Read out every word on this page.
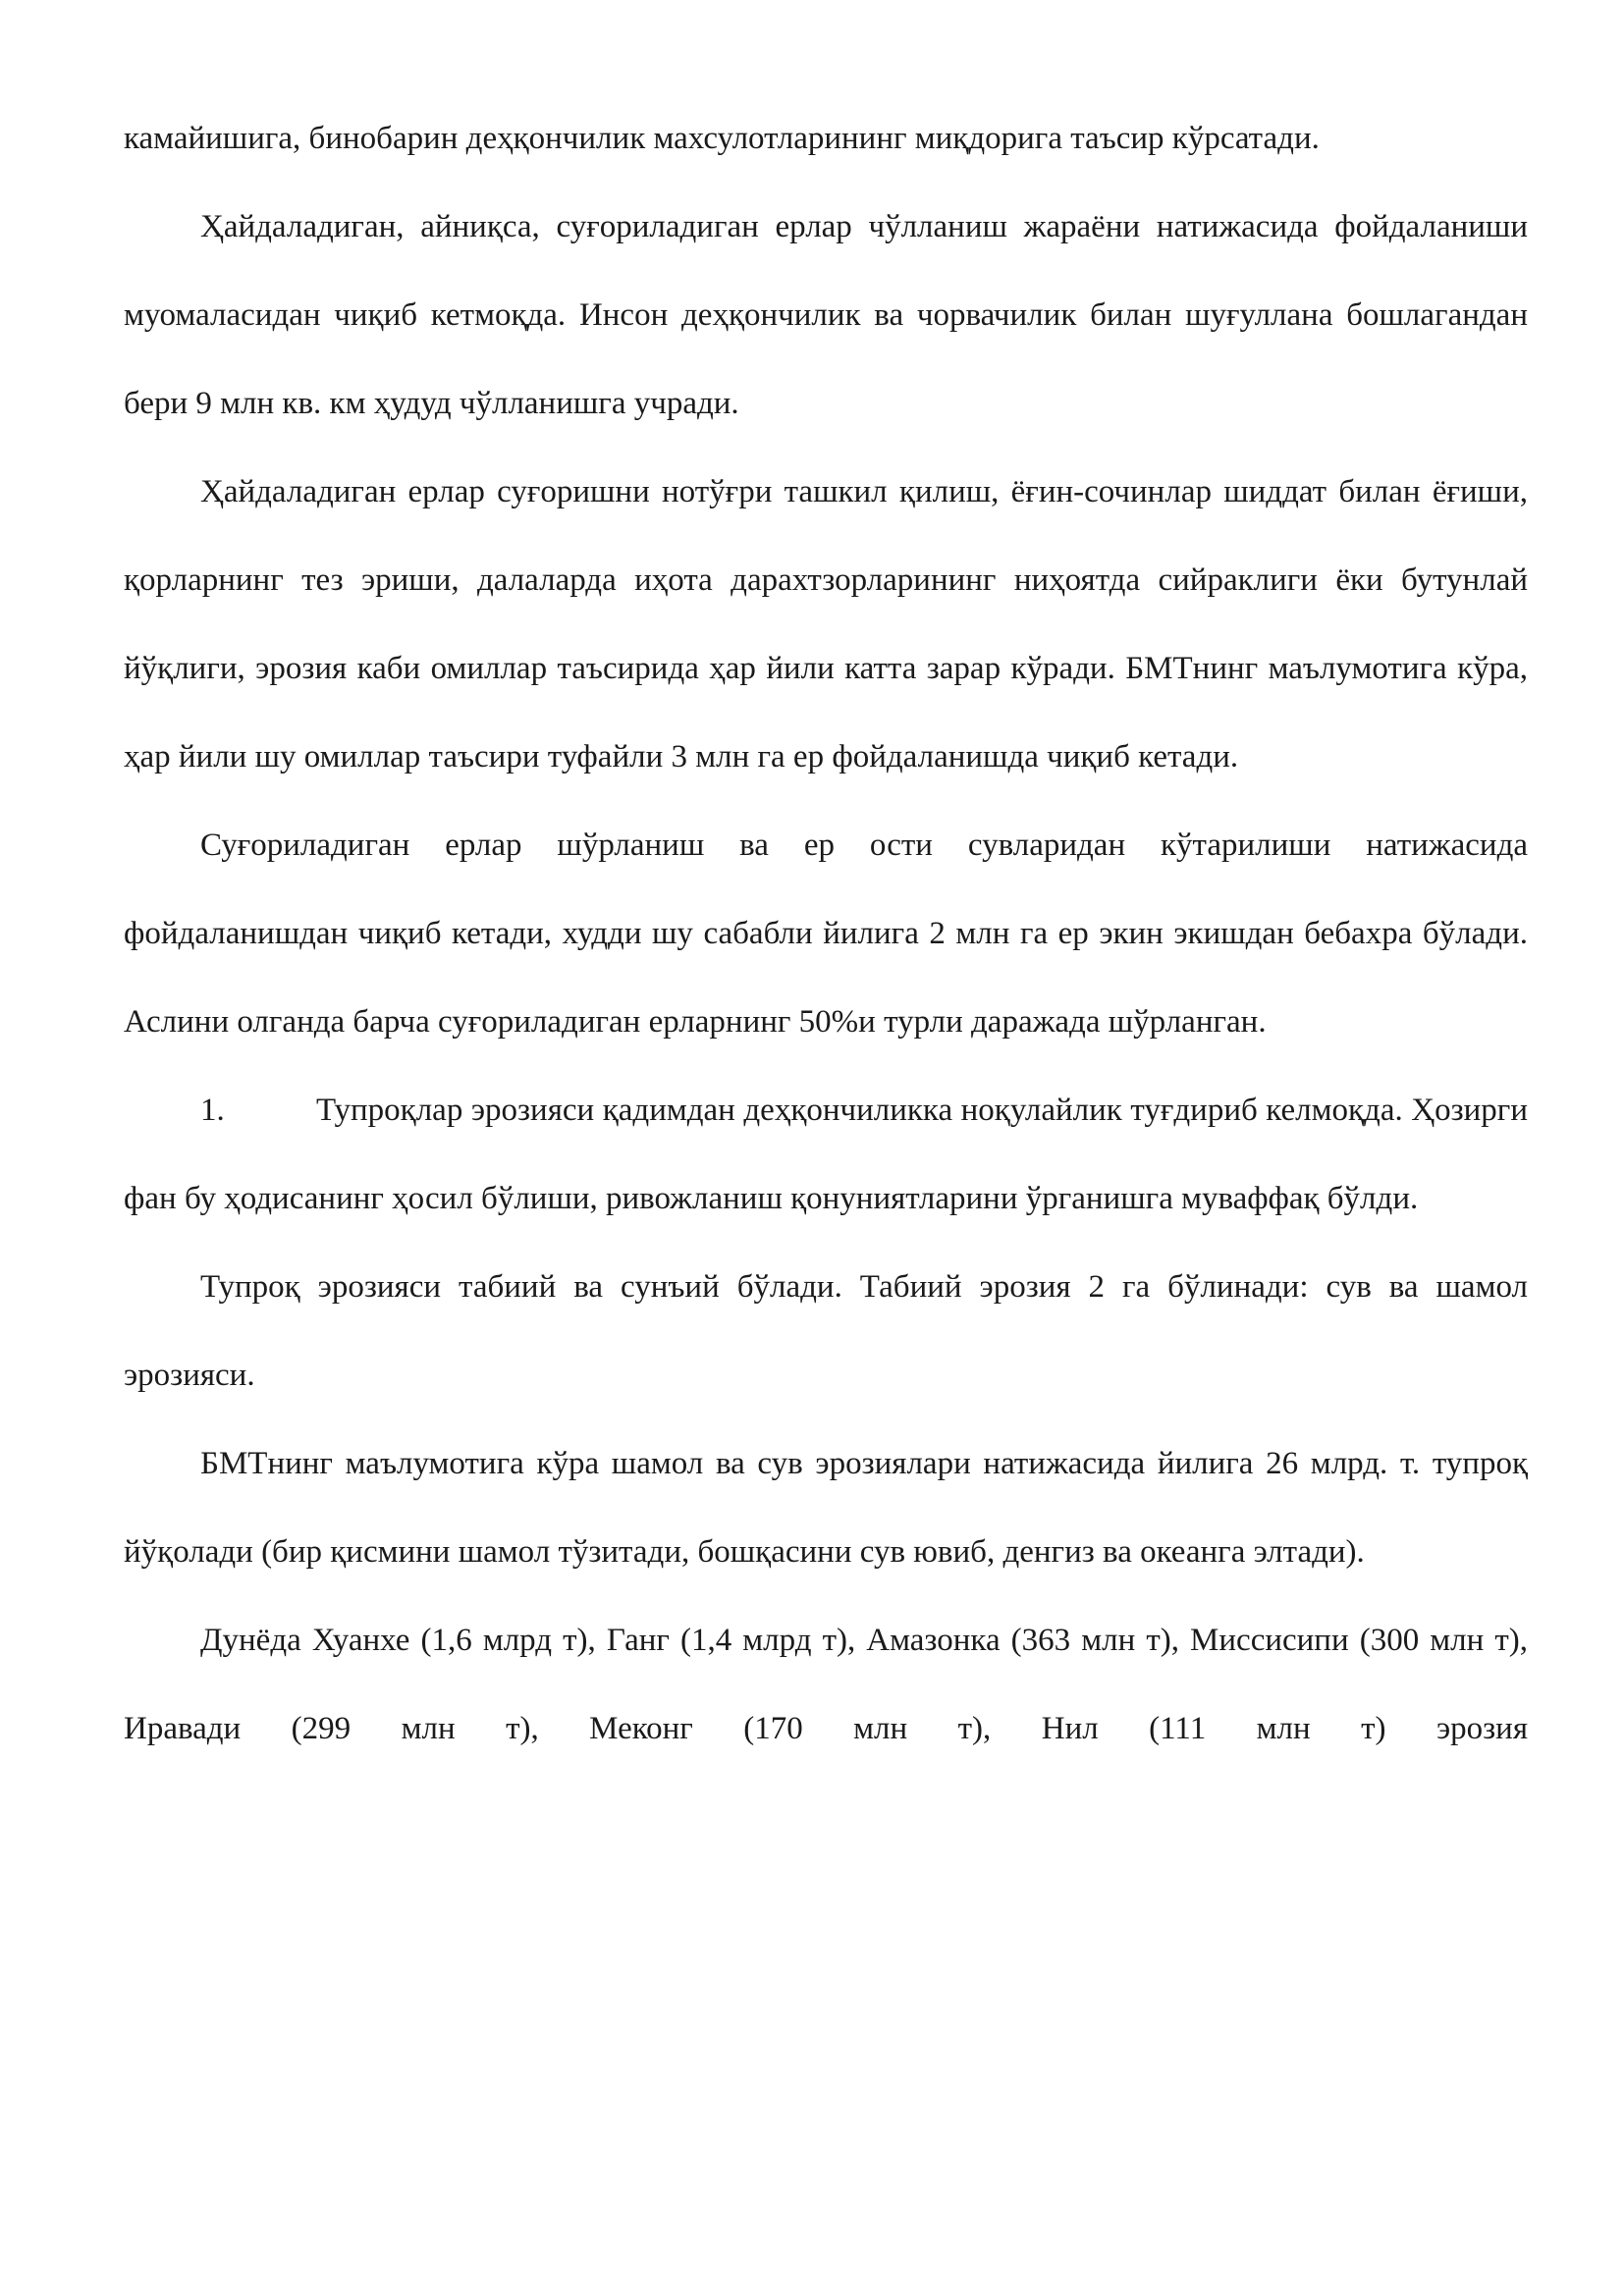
камайишига, бинобарин деҳқончилик махсулотларининг миқдорига таъсир кўрсатади.

Ҳайдаладиган, айниқса, суғориладиган ерлар чўлланиш жараёни натижасида фойдаланиши муомаласидан чиқиб кетмоқда. Инсон деҳқончилик ва чорвачилик билан шуғуллана бошлагандан бери 9 млн кв. км ҳудуд чўлланишга учради.

Ҳайдаладиган ерлар суғоришни нотўғри ташкил қилиш, ёғин-сочинлар шиддат билан ёғиши, қорларнинг тез эриши, далаларда иҳота дарахтзорларининг ниҳоятда сийраклиги ёки бутунлай йўқлиги, эрозия каби омиллар таъсирида ҳар йили катта зарар кўради. БМТнинг маълумотига кўра, ҳар йили шу омиллар таъсири туфайли 3 млн га ер фойдаланишда чиқиб кетади.

Суғориладиган ерлар шўрланиш ва ер ости сувларидан кўтарилиши натижасида фойдаланишдан чиқиб кетади, худди шу сабабли йилига 2 млн га ер экин экишдан бебахра бўлади. Аслини олганда барча суғориладиган ерларнинг 50%и турли даражада шўрланган.

1.	Тупроқлар эрозияси қадимдан деҳқончиликка ноқулайлик туғдириб келмоқда. Ҳозирги фан бу ҳодисанинг ҳосил бўлиши, ривожланиш қонуниятларини ўрганишга муваффақ бўлди.

Тупроқ эрозияси табиий ва сунъий бўлади. Табиий эрозия 2 га бўлинади: сув ва шамол эрозияси.

БМТнинг маълумотига кўра шамол ва сув эрозиялари натижасида йилига 26 млрд. т. тупроқ йўқолади (бир қисмини шамол тўзитади, бошқасини сув ювиб, денгиз ва океанга элтади).

Дунёда Хуанхе (1,6 млрд т), Ганг (1,4 млрд т), Амазонка (363 млн т), Миссисипи (300 млн т), Иравади (299 млн т), Меконг (170 млн т), Нил (111 млн т) эрозия
